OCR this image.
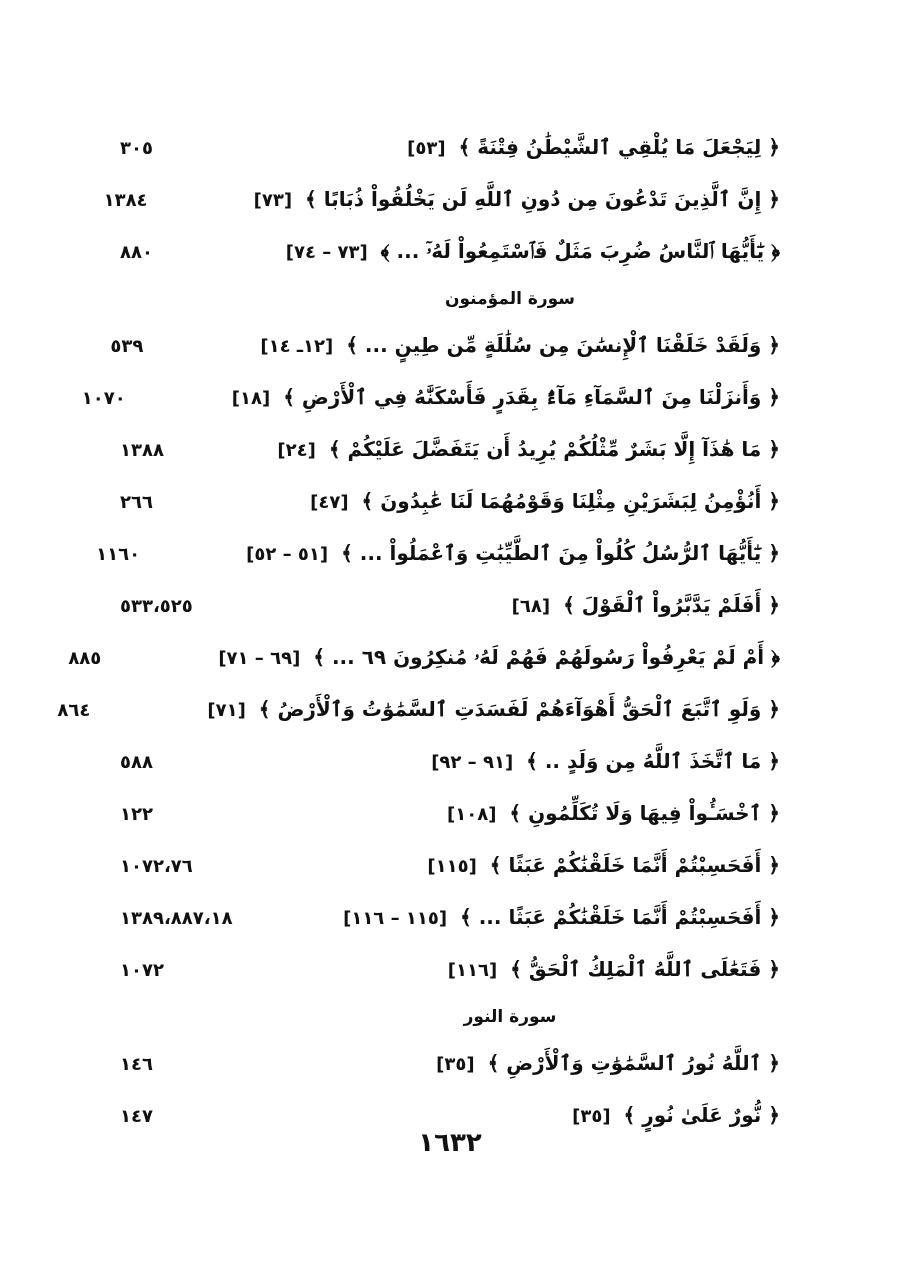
﴿ لِيَجْعَلَ مَا يُلْقِي ٱلشَّيْطَٰنُ فِتْنَةً ﴾ [٥٣]
٣٠٥
﴿ إِنَّ ٱلَّذِينَ تَدْعُونَ مِن دُونِ ٱللَّهِ لَن يَخْلُقُواْ ذُبَابًا ﴾ [٧٣]
١٣٨٤
﴿ يَٰٓأَيُّهَا ٱلنَّاسُ ضُرِبَ مَثَلٌ فَٱسْتَمِعُواْ لَهُۥٓ ... ﴾ [٧٣ – ٧٤]
٨٨٠
سورة المؤمنون
﴿ وَلَقَدْ خَلَقْنَا ٱلْإِنسَٰنَ مِن سُلَٰلَةٍ مِّن طِينٍ ... ﴾ [١٢ـ ١٤]
٥٣٩
﴿ وَأَنزَلْنَا مِنَ ٱلسَّمَآءِ مَآءًۢ بِقَدَرٍ فَأَسْكَنَّٰهُ فِي ٱلْأَرْضِ ﴾ [١٨]
١٠٧٠
﴿ مَا هَٰذَآ إِلَّا بَشَرٌ مِّثْلُكُمْ يُرِيدُ أَن يَتَفَضَّلَ عَلَيْكُمْ ﴾ [٢٤]
١٣٨٨
﴿ أَنُؤْمِنُ لِبَشَرَيْنِ مِثْلِنَا وَقَوْمُهُمَا لَنَا عَٰبِدُونَ ﴾ [٤٧]
٢٦٦
﴿ يَٰٓأَيُّهَا ٱلرُّسُلُ كُلُواْ مِنَ ٱلطَّيِّبَٰتِ وَٱعْمَلُواْ ... ﴾ [٥١ – ٥٢]
١١٦٠
﴿ أَفَلَمْ يَدَّبَّرُواْ ٱلْقَوْلَ ﴾ [٦٨]
٥٣٣،٥٢٥
﴿ أَمْ لَمْ يَعْرِفُواْ رَسُولَهُمْ فَهُمْ لَهُۥ مُنكِرُونَ ٦٩ ... ﴾ [٦٩ – ٧١]
٨٨٥
﴿ وَلَوِ ٱتَّبَعَ ٱلْحَقُّ أَهْوَآءَهُمْ لَفَسَدَتِ ٱلسَّمَٰوَٰتُ وَٱلْأَرْضُ ﴾ [٧١]
٨٦٤
﴿ مَا ٱتَّخَذَ ٱللَّهُ مِن وَلَدٍ .. ﴾ [٩١ – ٩٢]
٥٨٨
﴿ ٱخْسَـُٔواْ فِيهَا وَلَا تُكَلِّمُونِ ﴾ [١٠٨]
١٢٢
﴿ أَفَحَسِبْتُمْ أَنَّمَا خَلَقْنَٰكُمْ عَبَثًا ﴾ [١١٥]
١٠٧٢،٧٦
﴿ أَفَحَسِبْتُمْ أَنَّمَا خَلَقْنَٰكُمْ عَبَثًا ... ﴾ [١١٥ – ١١٦]
١٣٨٩،٨٨٧،١٨
﴿ فَتَعَٰلَى ٱللَّهُ ٱلْمَلِكُ ٱلْحَقُّ ﴾ [١١٦]
١٠٧٢
سورة النور
﴿ ٱللَّهُ نُورُ ٱلسَّمَٰوَٰتِ وَٱلْأَرْضِ ﴾ [٣٥]
١٤٦
﴿ نُّورٌ عَلَىٰ نُورٍ ﴾ [٣٥]
١٤٧
١٦٣٢
